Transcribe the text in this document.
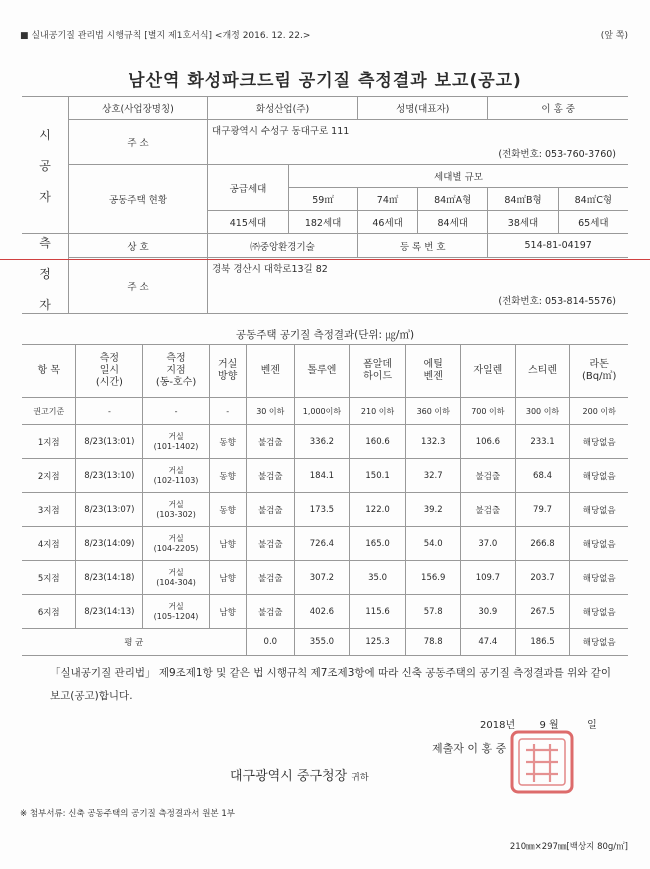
■ 실내공기질 관리법 시행규칙 [별지 제1호서식] <개정 2016. 12. 22.>	(앞 쪽)
남산역 화성파크드림 공기질 측정결과 보고(공고)
시
공
자	상호(사업장명칭)	화성산업(주)		성명(대표자)		이 홍 중	
	주 소	대구광역시 수성구 동대구로 111
(전화번호: 053-760-3760)					

	공동주택 현황	공급세대	세대별 규모				
			59㎡	74㎡	84㎡A형	84㎡B형	84㎡C형
		415세대	182세대	46세대	84세대	38세대	65세대

측
정
자	상 호	㈜중앙환경기술		등 록 번 호		514-81-04197	
	주 소	경북 경산시 대학로13길 82
(전화번호: 053-814-5576)					
공동주택 공기질 측정결과(단위: ㎍/㎥)
항 목	측정
일시
(시간)	측정
지점
(동-호수)	거실
방향	벤젠	톨루엔	폼알데
하이드	에틸
벤젠	자일렌	스티렌	라돈
(Bq/㎥)
권고기준	-	-	-	30 이하	1,000이하	210 이하	360 이하	700 이하	300 이하	200 이하
1지점	8/23(13:01)	거실
(101-1402)	동향	불검출	336.2	160.6	132.3	106.6	233.1	해당없음
2지점	8/23(13:10)	거실
(102-1103)	동향	불검출	184.1	150.1	32.7	불검출	68.4	해당없음
3지점	8/23(13:07)	거실
(103-302)	동향	불검출	173.5	122.0	39.2	불검출	79.7	해당없음
4지점	8/23(14:09)	거실
(104-2205)	남향	불검출	726.4	165.0	54.0	37.0	266.8	해당없음
5지점	8/23(14:18)	거실
(104-304)	남향	불검출	307.2	35.0	156.9	109.7	203.7	해당없음
6지점	8/23(14:13)	거실
(105-1204)	남향	불검출	402.6	115.6	57.8	30.9	267.5	해당없음
평 균				0.0	355.0	125.3	78.8	47.4	186.5	해당없음
「실내공기질 관리법」 제9조제1항 및 같은 법 시행규칙 제7조제3항에 따라 신축 공동주택의 공기질 측정결과를 위와 같이 보고(공고)합니다.
2018년 9 월	일
제출자 이 홍 중
대구광역시 중구청장 귀하
※ 첨부서류: 신축 공동주택의 공기질 측정결과서 원본 1부
210㎜×297㎜[백상지 80g/㎡]
